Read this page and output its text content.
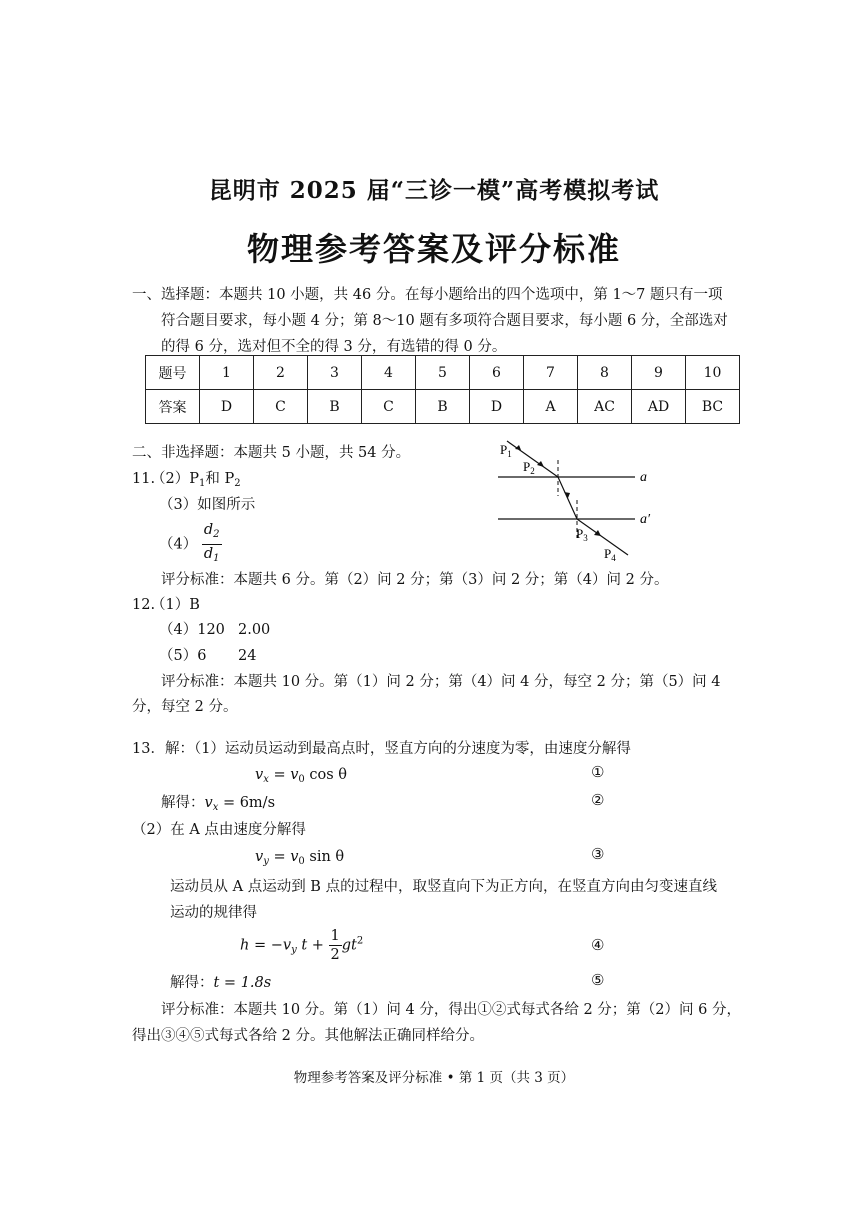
昆明市 2025 届“三诊一模”高考模拟考试
物理参考答案及评分标准
一、选择题：本题共 10 小题，共 46 分。在每小题给出的四个选项中，第 1～7 题只有一项
符合题目要求，每小题 4 分；第 8～10 题有多项符合题目要求，每小题 6 分，全部选对
的得 6 分，选对但不全的得 3 分，有选错的得 0 分。
题号	1	2	3	4	5	6	7	8	9	10
答案	D	C	B	C	B	D	A	AC	AD	BC
二、非选择题：本题共 5 小题，共 54 分。
11.
$(2)P_1$和 $P_2$
（3）如图所示
$(4) \frac{d_2}{d_1}$
评分标准：本题共 6 分。第（2）问 2 分；第（3）问 2 分；第（4）问 2 分。
$P_1$
$P_2$
$P_3$
$P_4$
a
a′
12.
（1）B
（4）120 2.00
（5）6 24
评分标准：本题共 10 分。第（1）问 2 分；第（4）问 4 分，每空 2 分；第（5）问 4
分，每空 2 分。
13．解：（1）运动员运动到最高点时，竖直方向的分速度为零，由速度分解得
$v_x = v_0$ cos θ	①
解得：$v_x = 6m/s$	②
（2）在 A 点由速度分解得
$v_y = v_0$ sin θ	③
运动员从 A 点运动到 B 点的过程中，取竖直向下为正方向，在竖直方向由匀变速直线
运动的规律得
$h = -v_y$ $t + \frac{1}{2} gt^2$	④
解得：t = 1.8s	⑤
评分标准：本题共 10 分。第（1）问 4 分，得出①②式每式各给 2 分；第（2）问 6 分，
得出③④⑤式每式各给 2 分。其他解法正确同样给分。
物理参考答案及评分标准 • 第 1 页（共 3 页）
